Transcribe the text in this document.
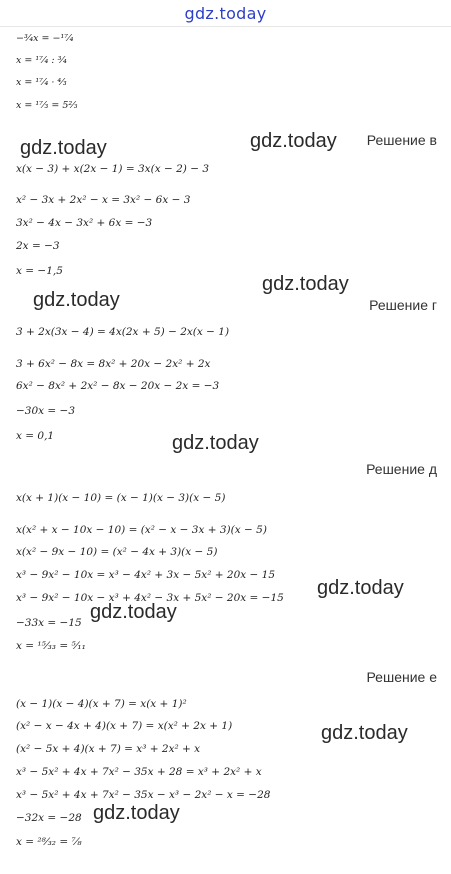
gdz.today
−³⁄₄x = −¹⁷⁄₄
x = ¹⁷⁄₄ : ³⁄₄
x = ¹⁷⁄₄ · ⁴⁄₃
x = ¹⁷⁄₃ = 5⅔
gdz.today	gdz.today Решение в
x(x − 3) + x(2x − 1) = 3x(x − 2) − 3
x² − 3x + 2x² − x = 3x² − 6x − 3
3x² − 4x − 3x² + 6x = −3
2x = −3
x = −1,5
gdz.today
gdz.today	Решение г
3 + 2x(3x − 4) = 4x(2x + 5) − 2x(x − 1)
3 + 6x² − 8x = 8x² + 20x − 2x² + 2x
6x² − 8x² + 2x² − 8x − 20x − 2x = −3
−30x = −3
x = 0,1	gdz.today
Решение д
x(x + 1)(x − 10) = (x − 1)(x − 3)(x − 5)
x(x² + x − 10x − 10) = (x² − x − 3x + 3)(x − 5)
x(x² − 9x − 10) = (x² − 4x + 3)(x − 5)
x³ − 9x² − 10x = x³ − 4x² + 3x − 5x² + 20x − 15
gdz.today
x³ − 9x² − 10x − x³ + 4x² − 3x + 5x² − 20x = −15
gdz.today
−33x = −15
x = ¹⁵⁄₃₃ = ⁵⁄₁₁
Решение е
(x − 1)(x − 4)(x + 7) = x(x + 1)²
(x² − x − 4x + 4)(x + 7) = x(x² + 2x + 1)	gdz.today
(x² − 5x + 4)(x + 7) = x³ + 2x² + x
x³ − 5x² + 4x + 7x² − 35x + 28 = x³ + 2x² + x
x³ − 5x² + 4x + 7x² − 35x − x³ − 2x² − x = −28
gdz.today
−32x = −28
x = ²⁸⁄₃₂ = ⁷⁄₈
